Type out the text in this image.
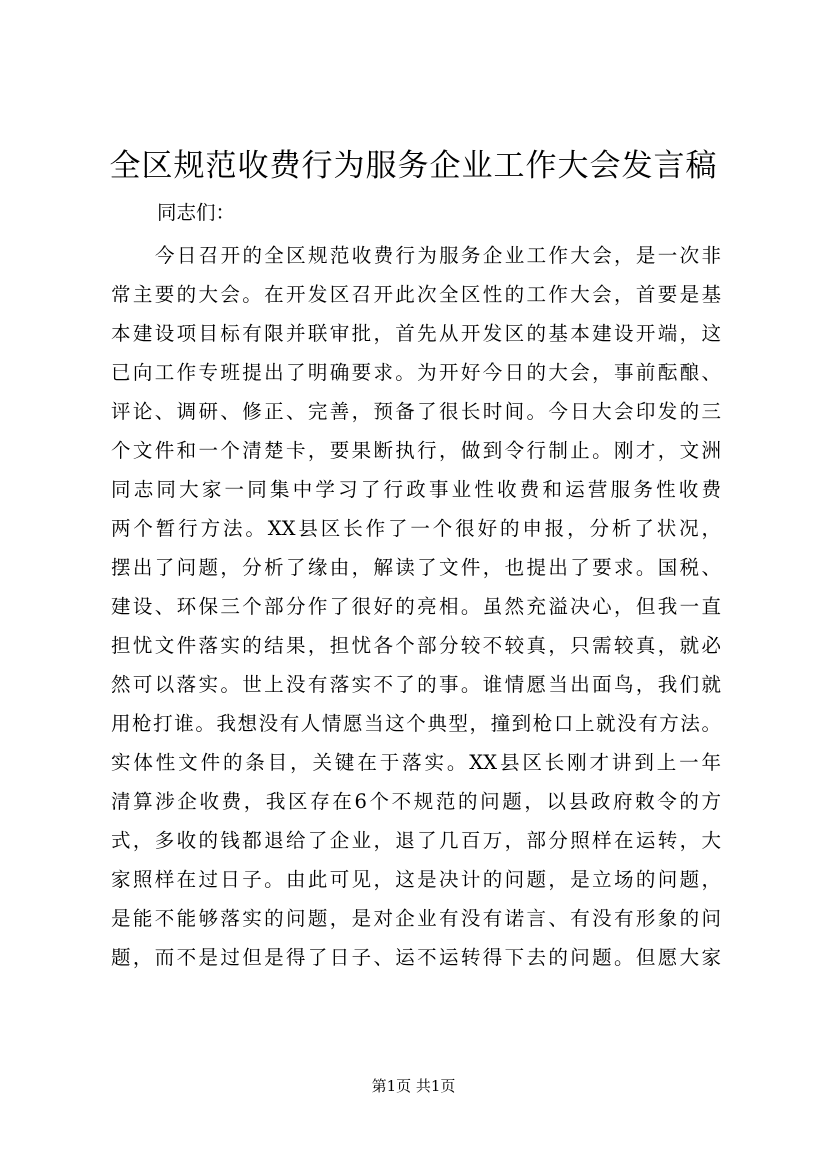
全区规范收费行为服务企业工作大会发言稿
同志们：
今日召开的全区规范收费行为服务企业工作大会，是一次非
常主要的大会。在开发区召开此次全区性的工作大会，首要是基
本建设项目标有限并联审批，首先从开发区的基本建设开端，这
已向工作专班提出了明确要求。为开好今日的大会，事前酝酿、
评论、调研、修正、完善，预备了很长时间。今日大会印发的三
个文件和一个清楚卡，要果断执行，做到令行制止。刚才，文洲
同志同大家一同集中学习了行政事业性收费和运营服务性收费
两个暂行方法。XX县区长作了一个很好的申报，分析了状况，
摆出了问题，分析了缘由，解读了文件，也提出了要求。国税、
建设、环保三个部分作了很好的亮相。虽然充溢决心，但我一直
担忧文件落实的结果，担忧各个部分较不较真，只需较真，就必
然可以落实。世上没有落实不了的事。谁情愿当出面鸟，我们就
用枪打谁。我想没有人情愿当这个典型，撞到枪口上就没有方法。
实体性文件的条目，关键在于落实。XX县区长刚才讲到上一年
清算涉企收费，我区存在6个不规范的问题，以县政府敕令的方
式，多收的钱都退给了企业，退了几百万，部分照样在运转，大
家照样在过日子。由此可见，这是决计的问题，是立场的问题，
是能不能够落实的问题，是对企业有没有诺言、有没有形象的问
题，而不是过但是得了日子、运不运转得下去的问题。但愿大家
第1页 共1页
